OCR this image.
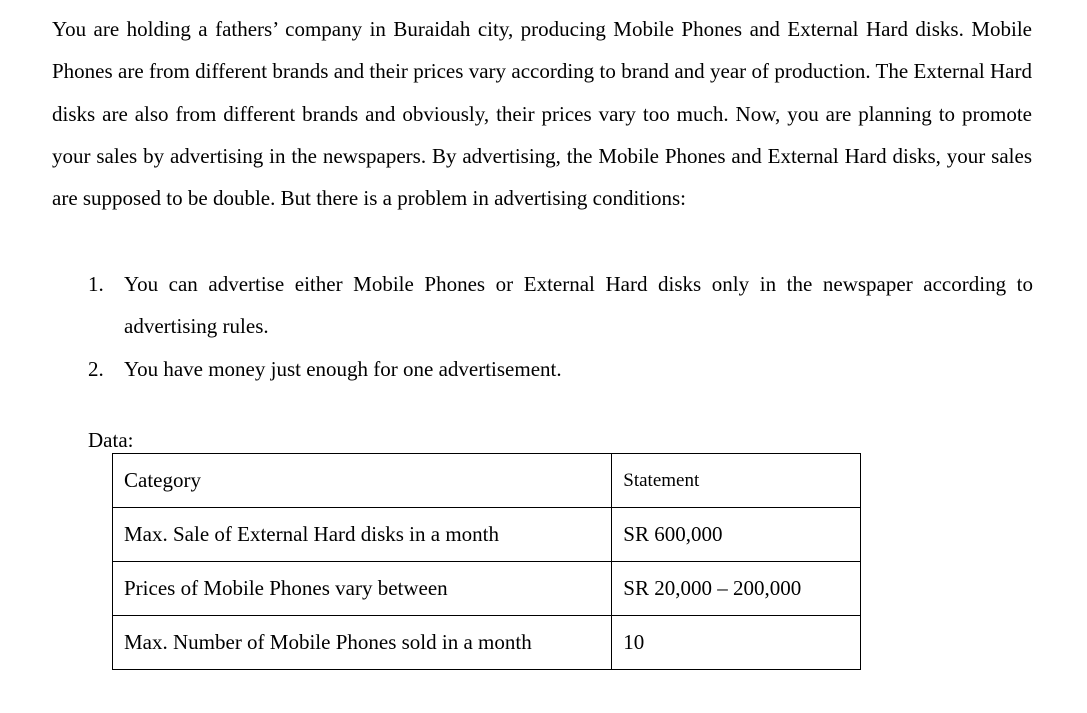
You are holding a fathers’ company in Buraidah city, producing Mobile Phones and External Hard disks. Mobile Phones are from different brands and their prices vary according to brand and year of production. The External Hard disks are also from different brands and obviously, their prices vary too much. Now, you are planning to promote your sales by advertising in the newspapers. By advertising, the Mobile Phones and External Hard disks, your sales are supposed to be double. But there is a problem in advertising conditions:

1. You can advertise either Mobile Phones or External Hard disks only in the newspaper according to advertising rules.
2. You have money just enough for one advertisement.
Data:
Category	Statement
Max. Sale of External Hard disks in a month	SR 600,000
Prices of Mobile Phones vary between	SR 20,000 – 200,000
Max. Number of Mobile Phones sold in a month	10
